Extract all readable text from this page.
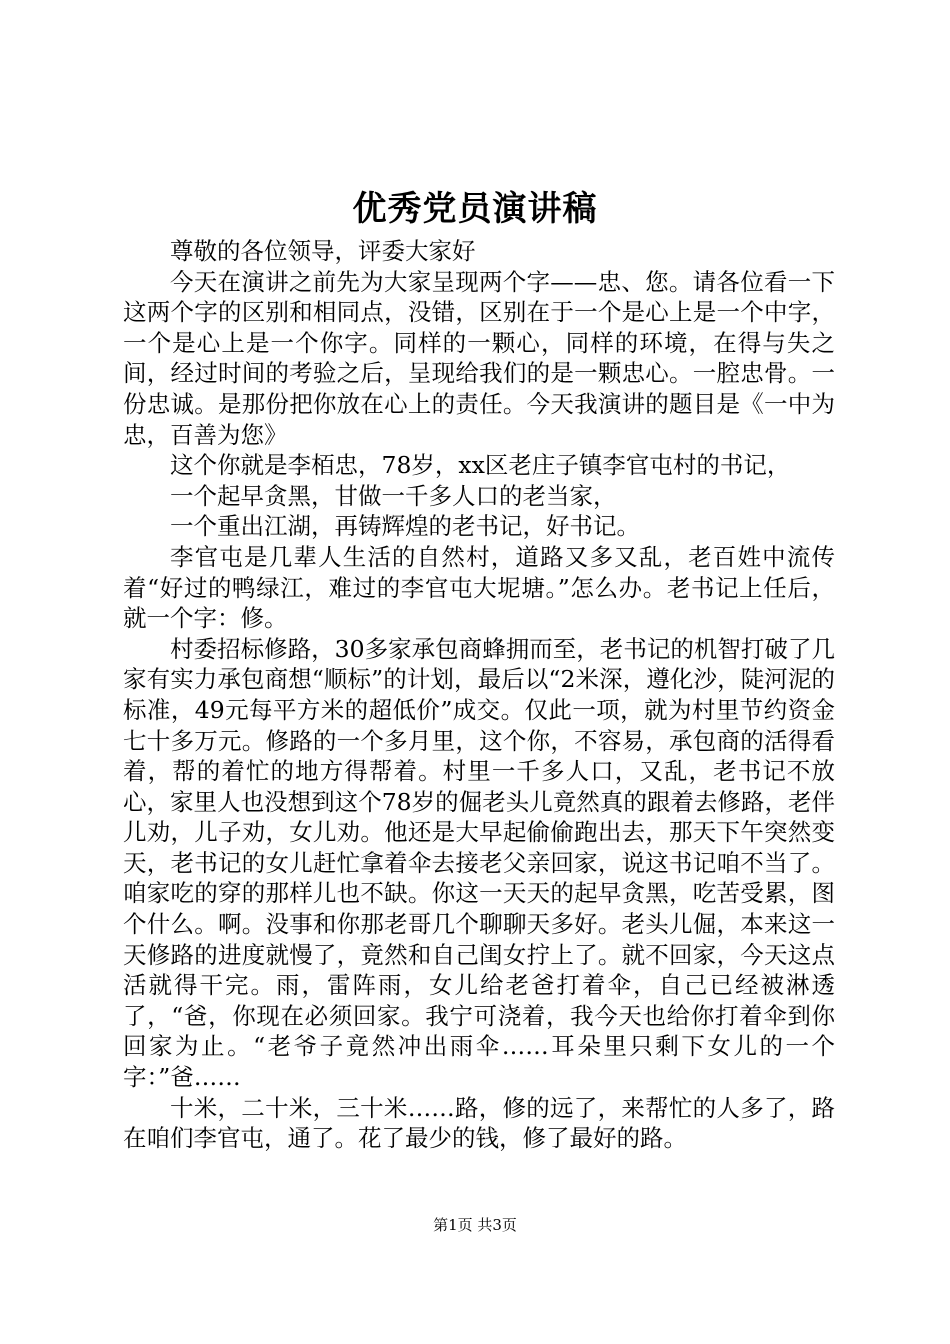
优秀党员演讲稿

尊敬的各位领导，评委大家好

今天在演讲之前先为大家呈现两个字——忠、您。请各位看一下这两个字的区别和相同点，没错，区别在于一个是心上是一个中字，一个是心上是一个你字。同样的一颗心，同样的环境，在得与失之间，经过时间的考验之后，呈现给我们的是一颗忠心。一腔忠骨。一份忠诚。是那份把你放在心上的责任。今天我演讲的题目是《一中为忠，百善为您》

这个你就是李栢忠，78岁，xx区老庄子镇李官屯村的书记，

一个起早贪黑，甘做一千多人口的老当家，

一个重出江湖，再铸辉煌的老书记，好书记。

李官屯是几辈人生活的自然村，道路又多又乱，老百姓中流传着“好过的鸭绿江，难过的李官屯大坭塘。”怎么办。老书记上任后，就一个字：修。

村委招标修路，30多家承包商蜂拥而至，老书记的机智打破了几家有实力承包商想“顺标”的计划，最后以“2米深，遵化沙，陡河泥的标准，49元每平方米的超低价”成交。仅此一项，就为村里节约资金七十多万元。修路的一个多月里，这个你，不容易，承包商的活得看着，帮的着忙的地方得帮着。村里一千多人口，又乱，老书记不放心，家里人也没想到这个78岁的倔老头儿竟然真的跟着去修路，老伴儿劝，儿子劝，女儿劝。他还是大早起偷偷跑出去，那天下午突然变天，老书记的女儿赶忙拿着伞去接老父亲回家，说这书记咱不当了。咱家吃的穿的那样儿也不缺。你这一天天的起早贪黑，吃苦受累，图个什么。啊。没事和你那老哥几个聊聊天多好。老头儿倔，本来这一天修路的进度就慢了，竟然和自己闺女拧上了。就不回家，今天这点活就得干完。雨，雷阵雨，女儿给老爸打着伞，自己已经被淋透了，“爸，你现在必须回家。我宁可浇着，我今天也给你打着伞到你回家为止。“老爷子竟然冲出雨伞……耳朵里只剩下女儿的一个字：”爸……

十米，二十米，三十米……路，修的远了，来帮忙的人多了，路在咱们李官屯，通了。花了最少的钱，修了最好的路。

第1页 共3页
